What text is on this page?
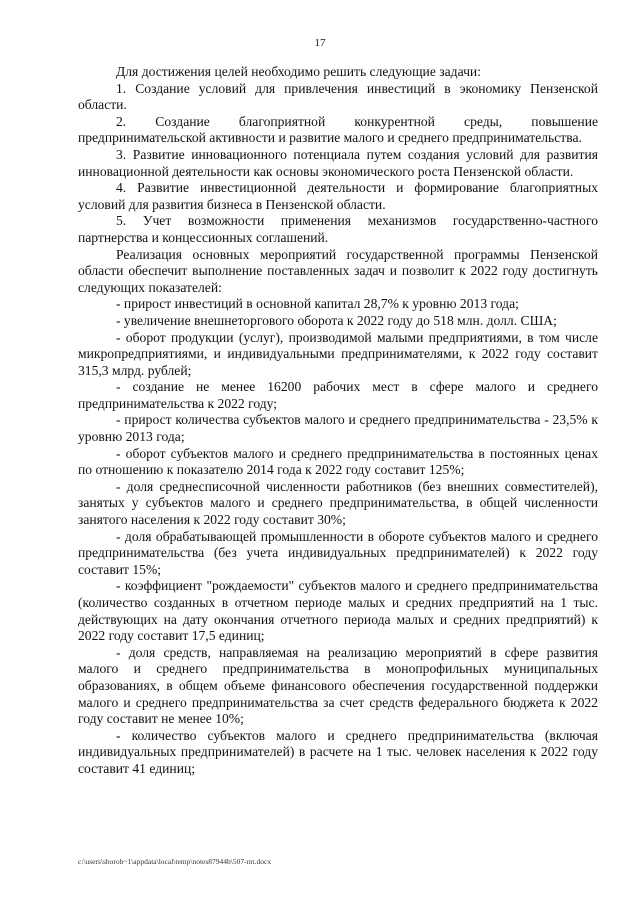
17

Для достижения целей необходимо решить следующие задачи:

1. Создание условий для привлечения инвестиций в экономику Пензенской области.

2. Создание благоприятной конкурентной среды, повышение предпринимательской активности и развитие малого и среднего предпринимательства.

3. Развитие инновационного потенциала путем создания условий для развития инновационной деятельности как основы экономического роста Пензенской области.

4. Развитие инвестиционной деятельности и формирование благоприятных условий для развития бизнеса в Пензенской области.

5. Учет возможности применения механизмов государственно-частного партнерства и концессионных соглашений.

Реализация основных мероприятий государственной программы Пензенской области обеспечит выполнение поставленных задач и позволит к 2022 году достигнуть следующих показателей:

- прирост инвестиций в основной капитал 28,7% к уровню 2013 года;

- увеличение внешнеторгового оборота к 2022 году до 518 млн. долл. США;

- оборот продукции (услуг), производимой малыми предприятиями, в том числе микропредприятиями, и индивидуальными предпринимателями, к 2022 году составит 315,3 млрд. рублей;

- создание не менее 16200 рабочих мест в сфере малого и среднего предпринимательства к 2022 году;

- прирост количества субъектов малого и среднего предпринимательства - 23,5% к уровню 2013 года;

- оборот субъектов малого и среднего предпринимательства в постоянных ценах по отношению к показателю 2014 года к 2022 году составит 125%;

- доля среднесписочной численности работников (без внешних совместителей), занятых у субъектов малого и среднего предпринимательства, в общей численности занятого населения к 2022 году составит 30%;

- доля обрабатывающей промышленности в обороте субъектов малого и среднего предпринимательства (без учета индивидуальных предпринимателей) к 2022 году составит 15%;

- коэффициент "рождаемости" субъектов малого и среднего предпринимательства (количество созданных в отчетном периоде малых и средних предприятий на 1 тыс. действующих на дату окончания отчетного периода малых и средних предприятий) к 2022 году составит 17,5 единиц;

- доля средств, направляемая на реализацию мероприятий в сфере развития малого и среднего предпринимательства в монопрофильных муниципальных образованиях, в общем объеме финансового обеспечения государственной поддержки малого и среднего предпринимательства за счет средств федерального бюджета к 2022 году составит не менее 10%;

- количество субъектов малого и среднего предпринимательства (включая индивидуальных предпринимателей) в расчете на 1 тыс. человек населения к 2022 году составит 41 единиц;

c:\users\shorob~1\appdata\local\temp\notes87944b\507-пп.docx
